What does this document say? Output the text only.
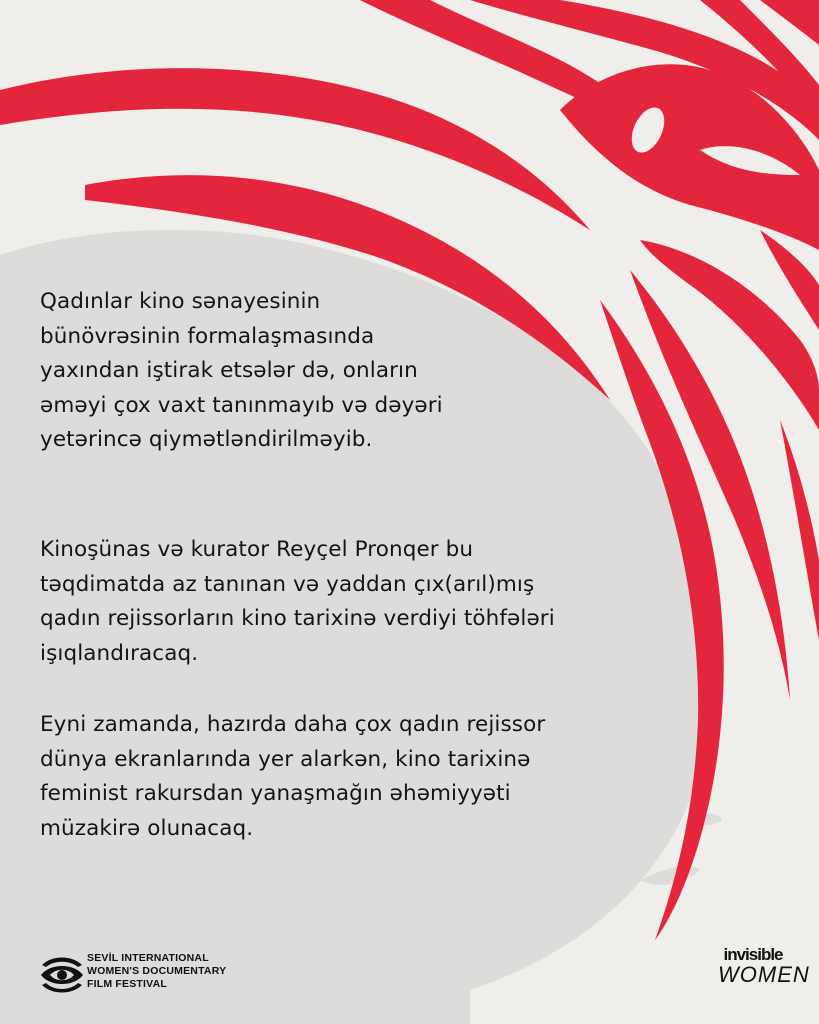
Qadınlar kino sənayesinin
bünövrəsinin formalaşmasında
yaxından iştirak etsələr də, onların
əməyi çox vaxt tanınmayıb və dəyəri
yetərincə qiymətləndirilməyib.
Kinoşünas və kurator Reyçel Pronqer bu
təqdimatda az tanınan və yaddan çıx(arıl)mış
qadın rejissorların kino tarixinə verdiyi töhfələri
işıqlandıracaq.
Eyni zamanda, hazırda daha çox qadın rejissor
dünya ekranlarında yer alarkən, kino tarixinə
feminist rakursdan yanaşmağın əhəmiyyəti
müzakirə olunacaq.
SEVİL INTERNATIONAL
WOMEN'S DOCUMENTARY
FILM FESTIVAL
invisible
WOMEN
